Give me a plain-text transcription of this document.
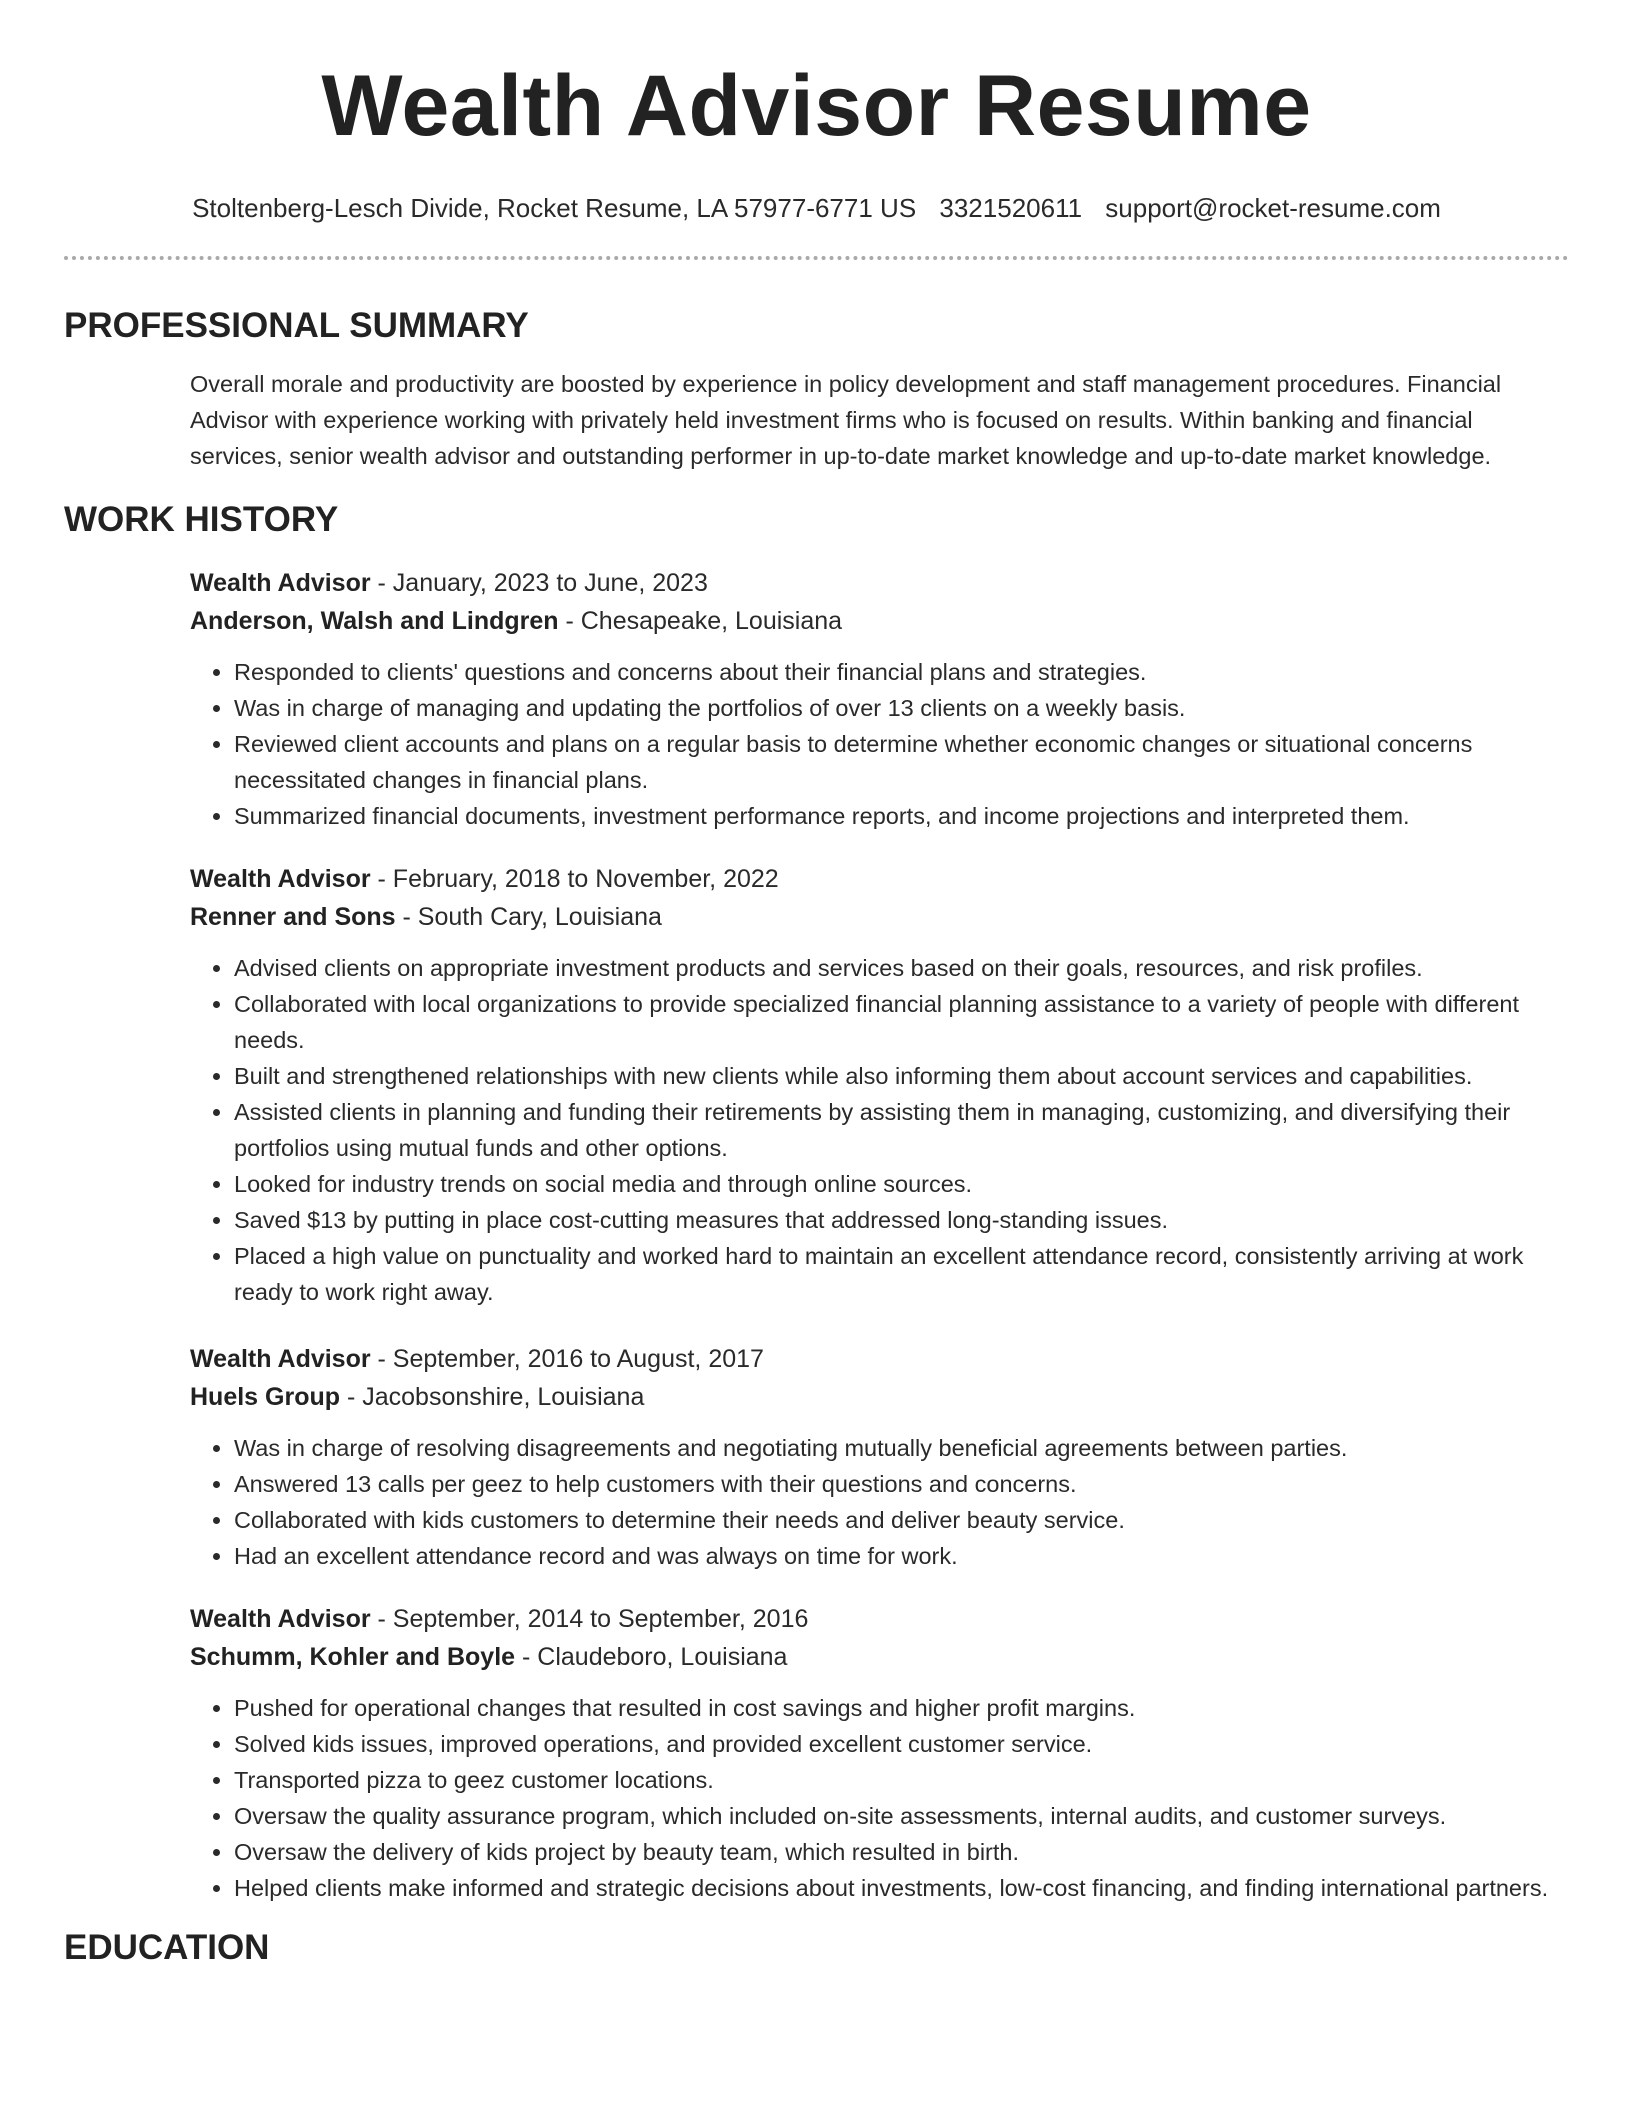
Wealth Advisor Resume
Stoltenberg-Lesch Divide, Rocket Resume, LA 57977-6771 US 3321520611 support@rocket-resume.com
PROFESSIONAL SUMMARY

Overall morale and productivity are boosted by experience in policy development and staff management procedures. Financial Advisor with experience working with privately held investment firms who is focused on results. Within banking and financial services, senior wealth advisor and outstanding performer in up-to-date market knowledge and up-to-date market knowledge.

WORK HISTORY
Wealth Advisor - January, 2023 to June, 2023
Anderson, Walsh and Lindgren - Chesapeake, Louisiana
• Responded to clients' questions and concerns about their financial plans and strategies.
• Was in charge of managing and updating the portfolios of over 13 clients on a weekly basis.
• Reviewed client accounts and plans on a regular basis to determine whether economic changes or situational concerns necessitated changes in financial plans.
• Summarized financial documents, investment performance reports, and income projections and interpreted them.
Wealth Advisor - February, 2018 to November, 2022
Renner and Sons - South Cary, Louisiana
• Advised clients on appropriate investment products and services based on their goals, resources, and risk profiles.
• Collaborated with local organizations to provide specialized financial planning assistance to a variety of people with different needs.
• Built and strengthened relationships with new clients while also informing them about account services and capabilities.
• Assisted clients in planning and funding their retirements by assisting them in managing, customizing, and diversifying their portfolios using mutual funds and other options.
• Looked for industry trends on social media and through online sources.
• Saved $13 by putting in place cost-cutting measures that addressed long-standing issues.
• Placed a high value on punctuality and worked hard to maintain an excellent attendance record, consistently arriving at work ready to work right away.
Wealth Advisor - September, 2016 to August, 2017
Huels Group - Jacobsonshire, Louisiana
• Was in charge of resolving disagreements and negotiating mutually beneficial agreements between parties.
• Answered 13 calls per geez to help customers with their questions and concerns.
• Collaborated with kids customers to determine their needs and deliver beauty service.
• Had an excellent attendance record and was always on time for work.
Wealth Advisor - September, 2014 to September, 2016
Schumm, Kohler and Boyle - Claudeboro, Louisiana
• Pushed for operational changes that resulted in cost savings and higher profit margins.
• Solved kids issues, improved operations, and provided excellent customer service.
• Transported pizza to geez customer locations.
• Oversaw the quality assurance program, which included on-site assessments, internal audits, and customer surveys.
• Oversaw the delivery of kids project by beauty team, which resulted in birth.
• Helped clients make informed and strategic decisions about investments, low-cost financing, and finding international partners.
EDUCATION
